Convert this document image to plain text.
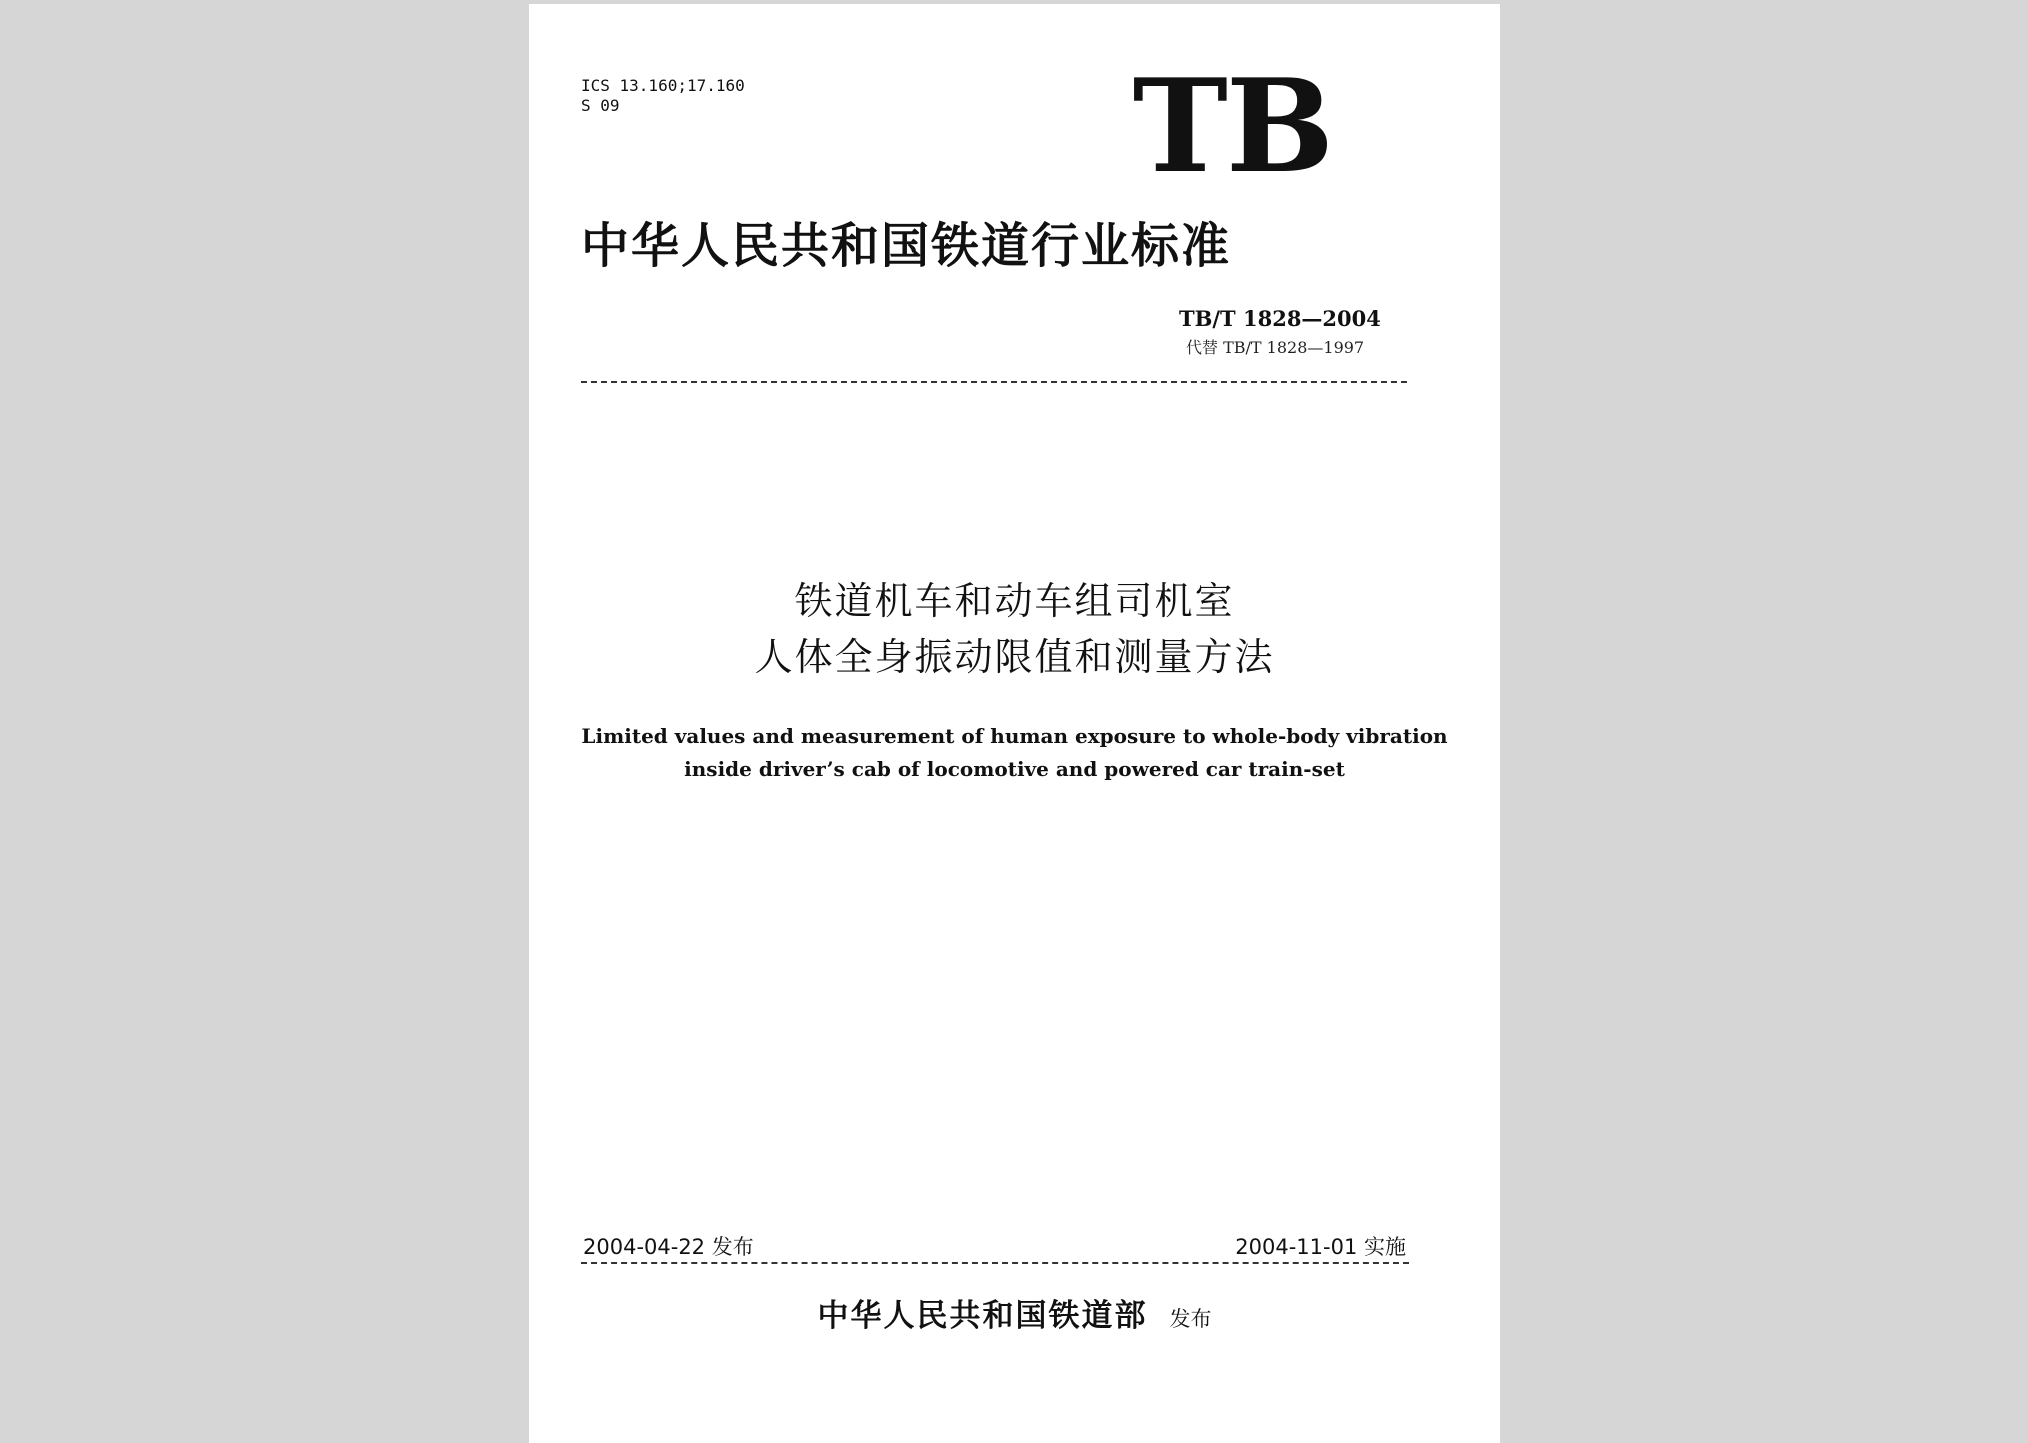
ICS 13.160;17.160
S 09	TB
中华人民共和国铁道行业标准
TB/T 1828—2004
代替 TB/T 1828—1997
铁道机车和动车组司机室
人体全身振动限值和测量方法
Limited values and measurement of human exposure to whole-body vibration
inside driver’s cab of locomotive and powered car train-set
2004-04-22 发布	2004-11-01 实施
中华人民共和国铁道部 发布
